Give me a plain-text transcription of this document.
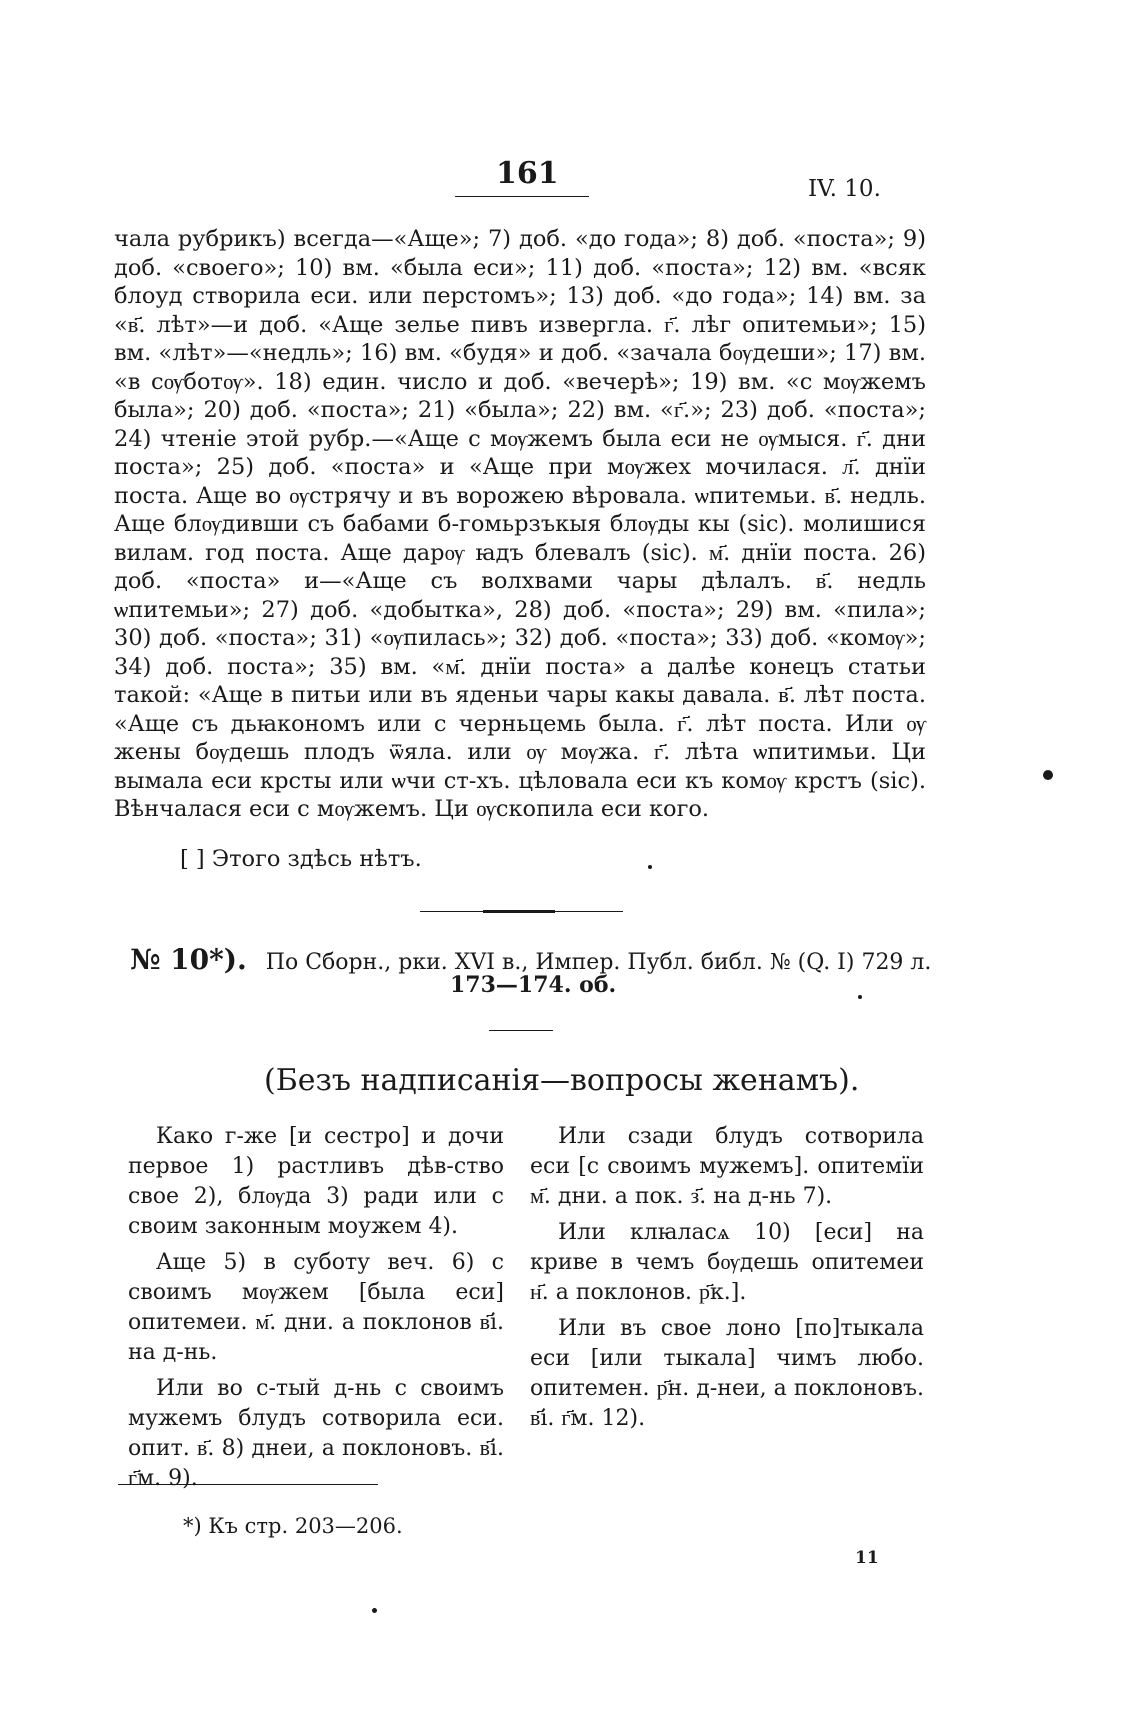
161	IV. 10.

чала рубрикъ) всегда—«Аще»; 7) доб. «до года»; 8) доб. «поста»; 9) доб. «своего»; 10) вм. «была еси»; 11) доб. «поста»; 12) вм. «всяк блоуд створила еси. или перстомъ»; 13) доб. «до года»; 14) вм. за «в҃. лѣт»—и доб. «Аще зелье пивъ извергла. г҃. лѣг опитемьи»; 15) вм. «лѣт»—«недль»; 16) вм. «будя» и доб. «зачала бѹдеши»; 17) вм. «в сѹботѹ». 18) един. число и доб. «вечерѣ»; 19) вм. «с мѹжемъ была»; 20) доб. «поста»; 21) «была»; 22) вм. «г҃.»; 23) доб. «поста»; 24) чтеніе этой рубр.—«Аще с мѹжемъ была еси не ѹмыся. г҃. дни поста»; 25) доб. «поста» и «Аще при мѹжех мочилася. л҃. днїи поста. Аще во ѹстрячу и въ ворожею вѣровала. ѡпитемьи. в҃. недль. Аще блѹдивши съ бабами б-гомьрзъкыя блѹды кы (sic). молишися вилам. год поста. Аще дарѹ ꙗдъ блевалъ (sic). м҃. днїи поста. 26) доб. «поста» и—«Аще съ волхвами чары дѣлалъ. в҃. недль ѡпитемьи»; 27) доб. «добытка», 28) доб. «поста»; 29) вм. «пила»; 30) доб. «поста»; 31) «ѹпилась»; 32) доб. «поста»; 33) доб. «комѹ»; 34) доб. поста»; 35) вм. «м҃. днїи поста» а далѣе конецъ статьи такой: «Аще в питьи или въ яденьи чары какы давала. в҃. лѣт поста. «Аще съ дьꙗкономъ или с черньцемь была. г҃. лѣт поста. Или ѹ жены бѹдешь плодъ ѿяла. или ѹ мѹжа. г҃. лѣта ѡпитимьи. Ци вымала еси крсты или ѡчи ст-хъ. цѣловала еси къ комѹ крстъ (sic). Вѣнчалася еси с мѹжемъ. Ци ѹскопила еси кого.

[ ] Этого здѣсь нѣтъ.
№ 10*). По Сборн., рки. XVI в., Импер. Публ. библ. № (Q. I) 729 л.
173—174. об.
(Безъ надписанія—вопросы женамъ).

Како г-же [и сестро] и дочи первое 1) растливъ дѣв-ство свое 2), блѹда 3) ради или с своим законным моужем 4).

Аще 5) в суботу веч. 6) с своимъ мѹжем [была еси] опитемеи. м҃. дни. а поклонов в҃і. на д-нь.

Или во с-тый д-нь с своимъ мужемъ блудъ сотворила еси. опит. в҃. 8) днеи, а поклоновъ. в҃і. г҃м. 9).

Или сзади блудъ сотворила еси [с своимъ мужемъ]. опитемїи м҃. дни. а пок. з҃. на д-нь 7).

Или клꙗласѧ 10) [еси] на криве в чемъ бѹдешь опитемеи н҃. а поклонов. р҃к.].

Или въ свое лоно [по]тыкала еси [или тыкала] чимъ любо. опитемен. р҃н. д-неи, а поклоновъ. в҃і. г҃м. 12).

*) Къ стр. 203—206.
11
